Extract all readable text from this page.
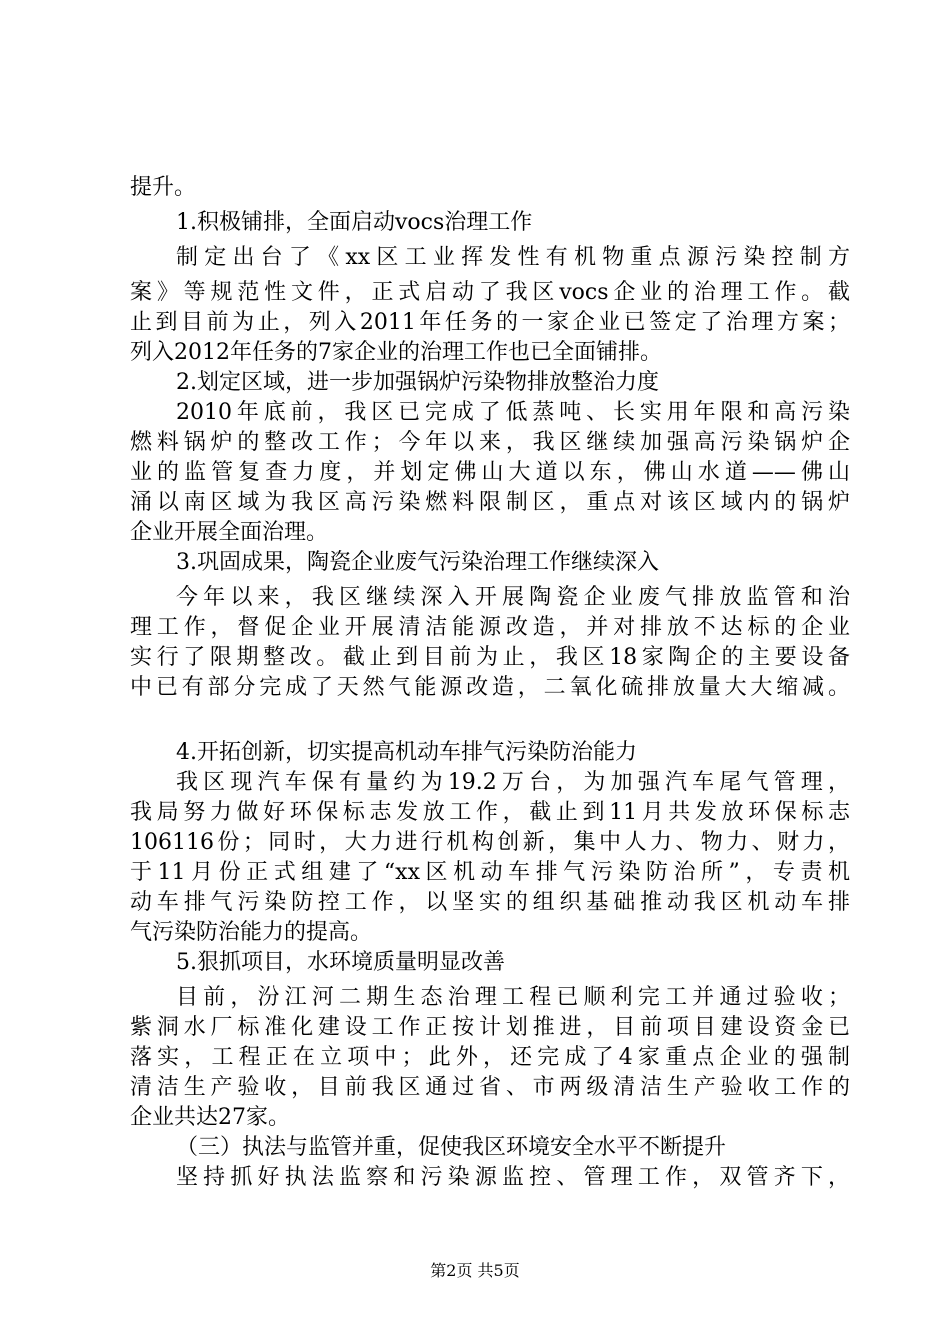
提升。
1.积极铺排，全面启动vocs治理工作
制定出台了《xx区工业挥发性有机物重点源污染控制方
案》等规范性文件，正式启动了我区vocs企业的治理工作。截
止到目前为止，列入2011年任务的一家企业已签定了治理方案；
列入2012年任务的7家企业的治理工作也已全面铺排。
2.划定区域，进一步加强锅炉污染物排放整治力度
2010年底前，我区已完成了低蒸吨、长实用年限和高污染
燃料锅炉的整改工作；今年以来，我区继续加强高污染锅炉企
业的监管复查力度，并划定佛山大道以东，佛山水道——佛山
涌以南区域为我区高污染燃料限制区，重点对该区域内的锅炉
企业开展全面治理。
3.巩固成果，陶瓷企业废气污染治理工作继续深入
今年以来，我区继续深入开展陶瓷企业废气排放监管和治
理工作，督促企业开展清洁能源改造，并对排放不达标的企业
实行了限期整改。截止到目前为止，我区18家陶企的主要设备
中已有部分完成了天然气能源改造，二氧化硫排放量大大缩减。
4.开拓创新，切实提高机动车排气污染防治能力
我区现汽车保有量约为19.2万台，为加强汽车尾气管理，
我局努力做好环保标志发放工作，截止到11月共发放环保标志
106116份；同时，大力进行机构创新，集中人力、物力、财力，
于11月份正式组建了“xx区机动车排气污染防治所”，专责机
动车排气污染防控工作，以坚实的组织基础推动我区机动车排
气污染防治能力的提高。
5.狠抓项目，水环境质量明显改善
目前，汾江河二期生态治理工程已顺利完工并通过验收；
紫洞水厂标准化建设工作正按计划推进，目前项目建设资金已
落实，工程正在立项中；此外，还完成了4家重点企业的强制
清洁生产验收，目前我区通过省、市两级清洁生产验收工作的
企业共达27家。
（三）执法与监管并重，促使我区环境安全水平不断提升
坚持抓好执法监察和污染源监控、管理工作，双管齐下，
第2页 共5页
